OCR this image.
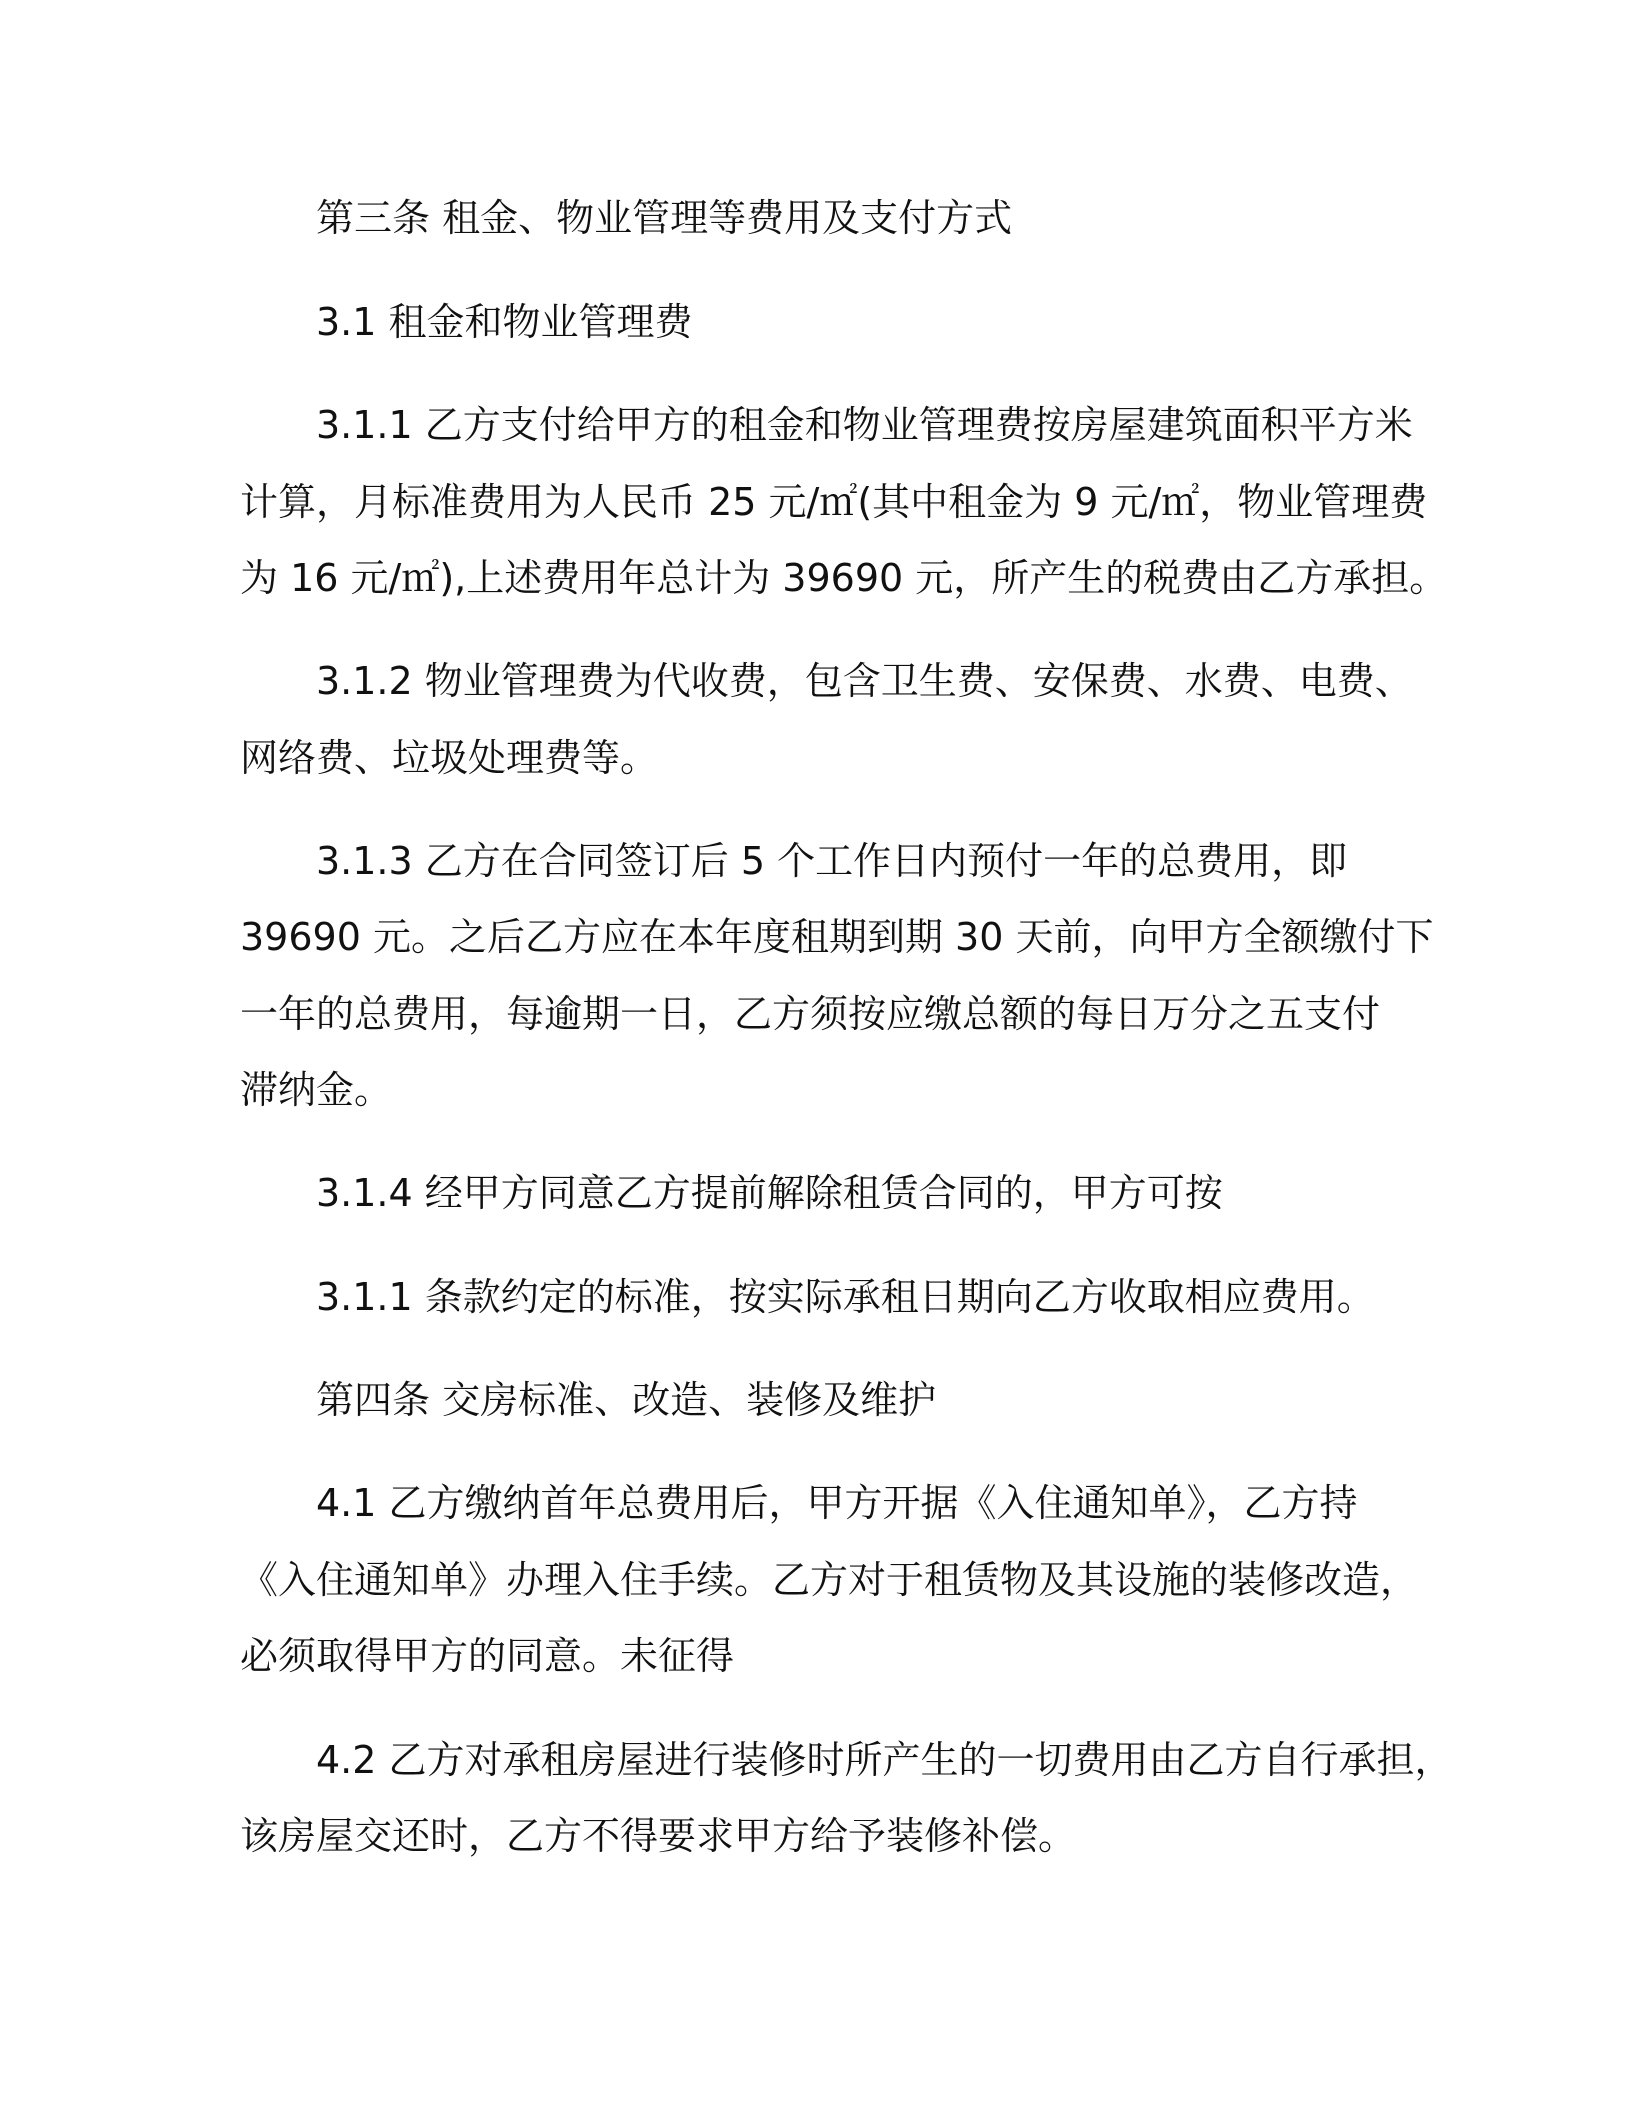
第三条 租金、物业管理等费用及支付方式
3.1 租金和物业管理费
3.1.1 乙方支付给甲方的租金和物业管理费按房屋建筑面积平方米
计算，月标准费用为人民币 25 元/㎡(其中租金为 9 元/㎡，物业管理费
为 16 元/㎡),上述费用年总计为 39690 元，所产生的税费由乙方承担。
3.1.2 物业管理费为代收费，包含卫生费、安保费、水费、电费、
网络费、垃圾处理费等。
3.1.3 乙方在合同签订后 5 个工作日内预付一年的总费用，即
39690 元。之后乙方应在本年度租期到期 30 天前，向甲方全额缴付下
一年的总费用，每逾期一日，乙方须按应缴总额的每日万分之五支付
滞纳金。
3.1.4 经甲方同意乙方提前解除租赁合同的，甲方可按
3.1.1 条款约定的标准，按实际承租日期向乙方收取相应费用。
第四条 交房标准、改造、装修及维护
4.1 乙方缴纳首年总费用后，甲方开据《入住通知单》，乙方持
《入住通知单》办理入住手续。乙方对于租赁物及其设施的装修改造，
必须取得甲方的同意。未征得
4.2 乙方对承租房屋进行装修时所产生的一切费用由乙方自行承担，
该房屋交还时，乙方不得要求甲方给予装修补偿。
